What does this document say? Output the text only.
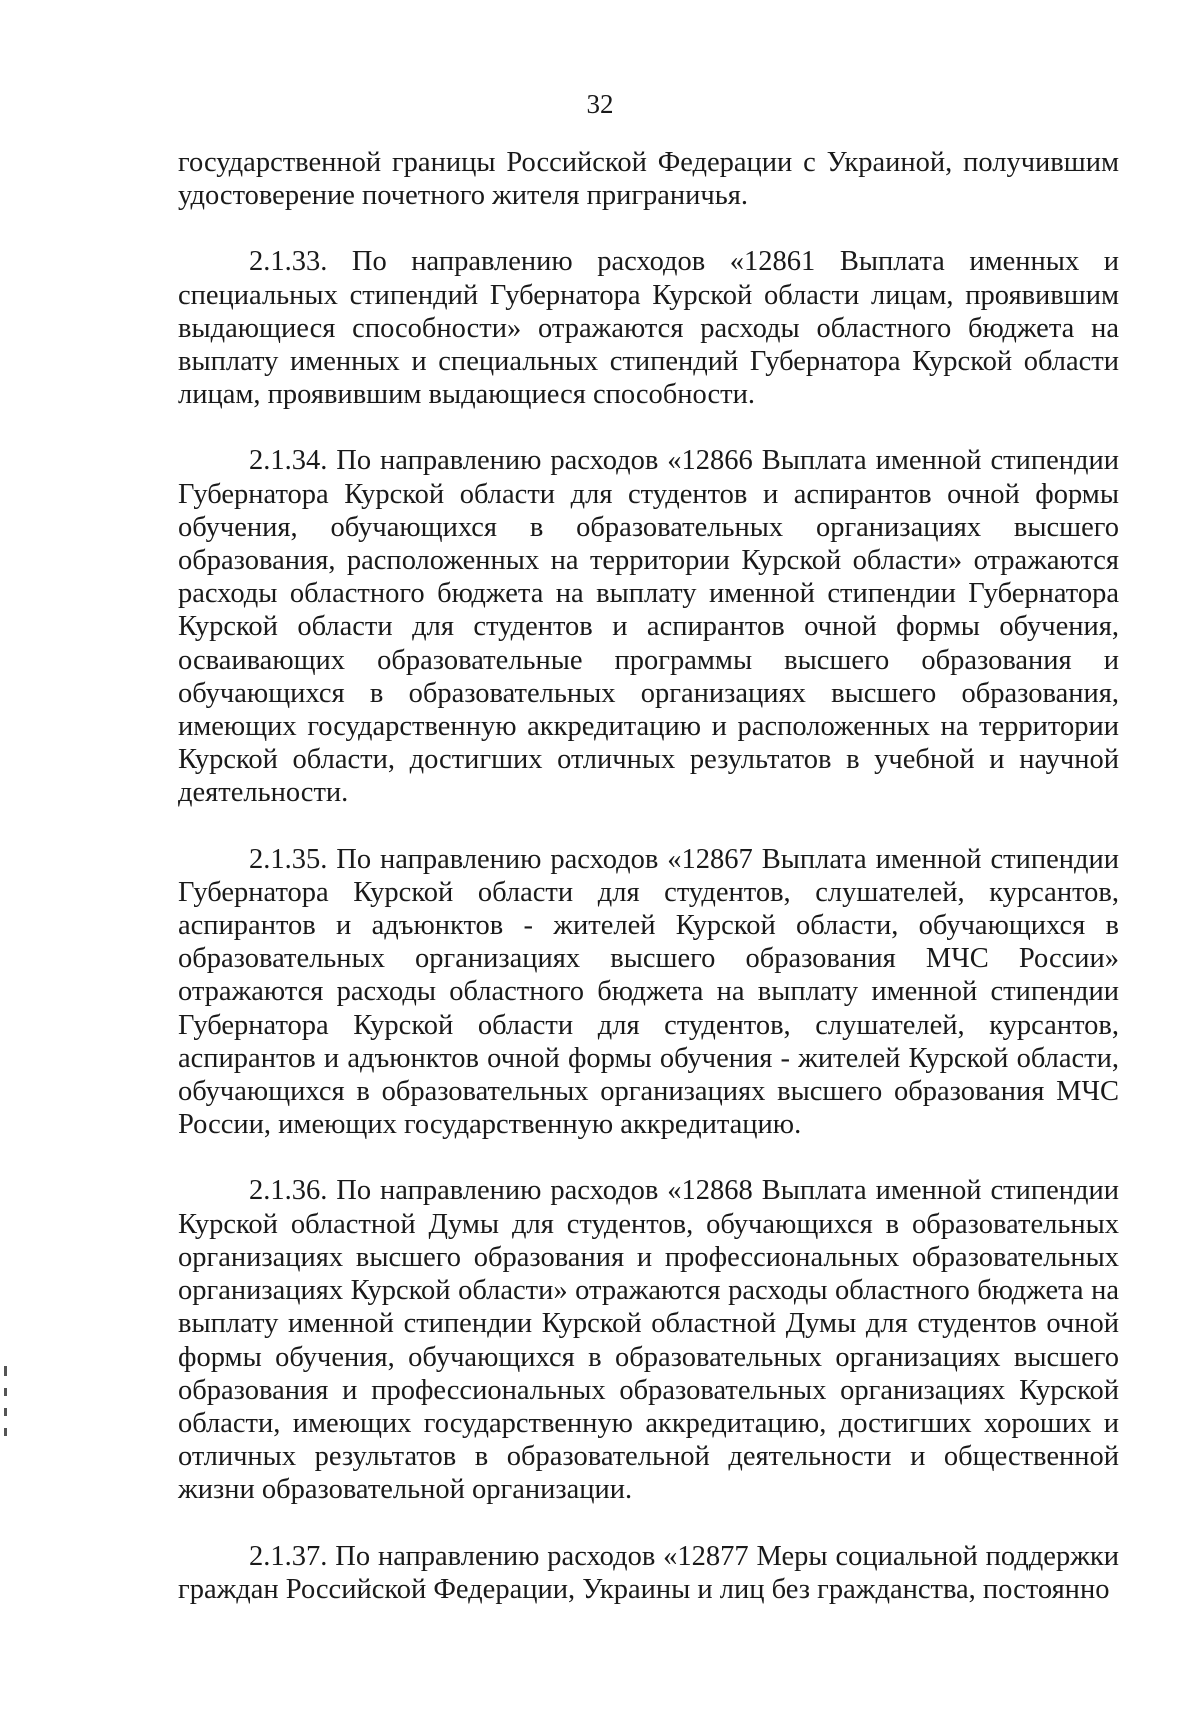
32

государственной границы Российской Федерации с Украиной, получившим удостоверение почетного жителя приграничья.

2.1.33. По направлению расходов «12861 Выплата именных и специальных стипендий Губернатора Курской области лицам, проявившим выдающиеся способности» отражаются расходы областного бюджета на выплату именных и специальных стипендий Губернатора Курской области лицам, проявившим выдающиеся способности.

2.1.34. По направлению расходов «12866 Выплата именной стипендии Губернатора Курской области для студентов и аспирантов очной формы обучения, обучающихся в образовательных организациях высшего образования, расположенных на территории Курской области» отражаются расходы областного бюджета на выплату именной стипендии Губернатора Курской области для студентов и аспирантов очной формы обучения, осваивающих образовательные программы высшего образования и обучающихся в образовательных организациях высшего образования, имеющих государственную аккредитацию и расположенных на территории Курской области, достигших отличных результатов в учебной и научной деятельности.

2.1.35. По направлению расходов «12867 Выплата именной стипендии Губернатора Курской области для студентов, слушателей, курсантов, аспирантов и адъюнктов - жителей Курской области, обучающихся в образовательных организациях высшего образования МЧС России» отражаются расходы областного бюджета на выплату именной стипендии Губернатора Курской области для студентов, слушателей, курсантов, аспирантов и адъюнктов очной формы обучения - жителей Курской области, обучающихся в образовательных организациях высшего образования МЧС России, имеющих государственную аккредитацию.

2.1.36. По направлению расходов «12868 Выплата именной стипендии Курской областной Думы для студентов, обучающихся в образовательных организациях высшего образования и профессиональных образовательных организациях Курской области» отражаются расходы областного бюджета на выплату именной стипендии Курской областной Думы для студентов очной формы обучения, обучающихся в образовательных организациях высшего образования и профессиональных образовательных организациях Курской области, имеющих государственную аккредитацию, достигших хороших и отличных результатов в образовательной деятельности и общественной жизни образовательной организации.

2.1.37. По направлению расходов «12877 Меры социальной поддержки граждан Российской Федерации, Украины и лиц без гражданства, постоянно
